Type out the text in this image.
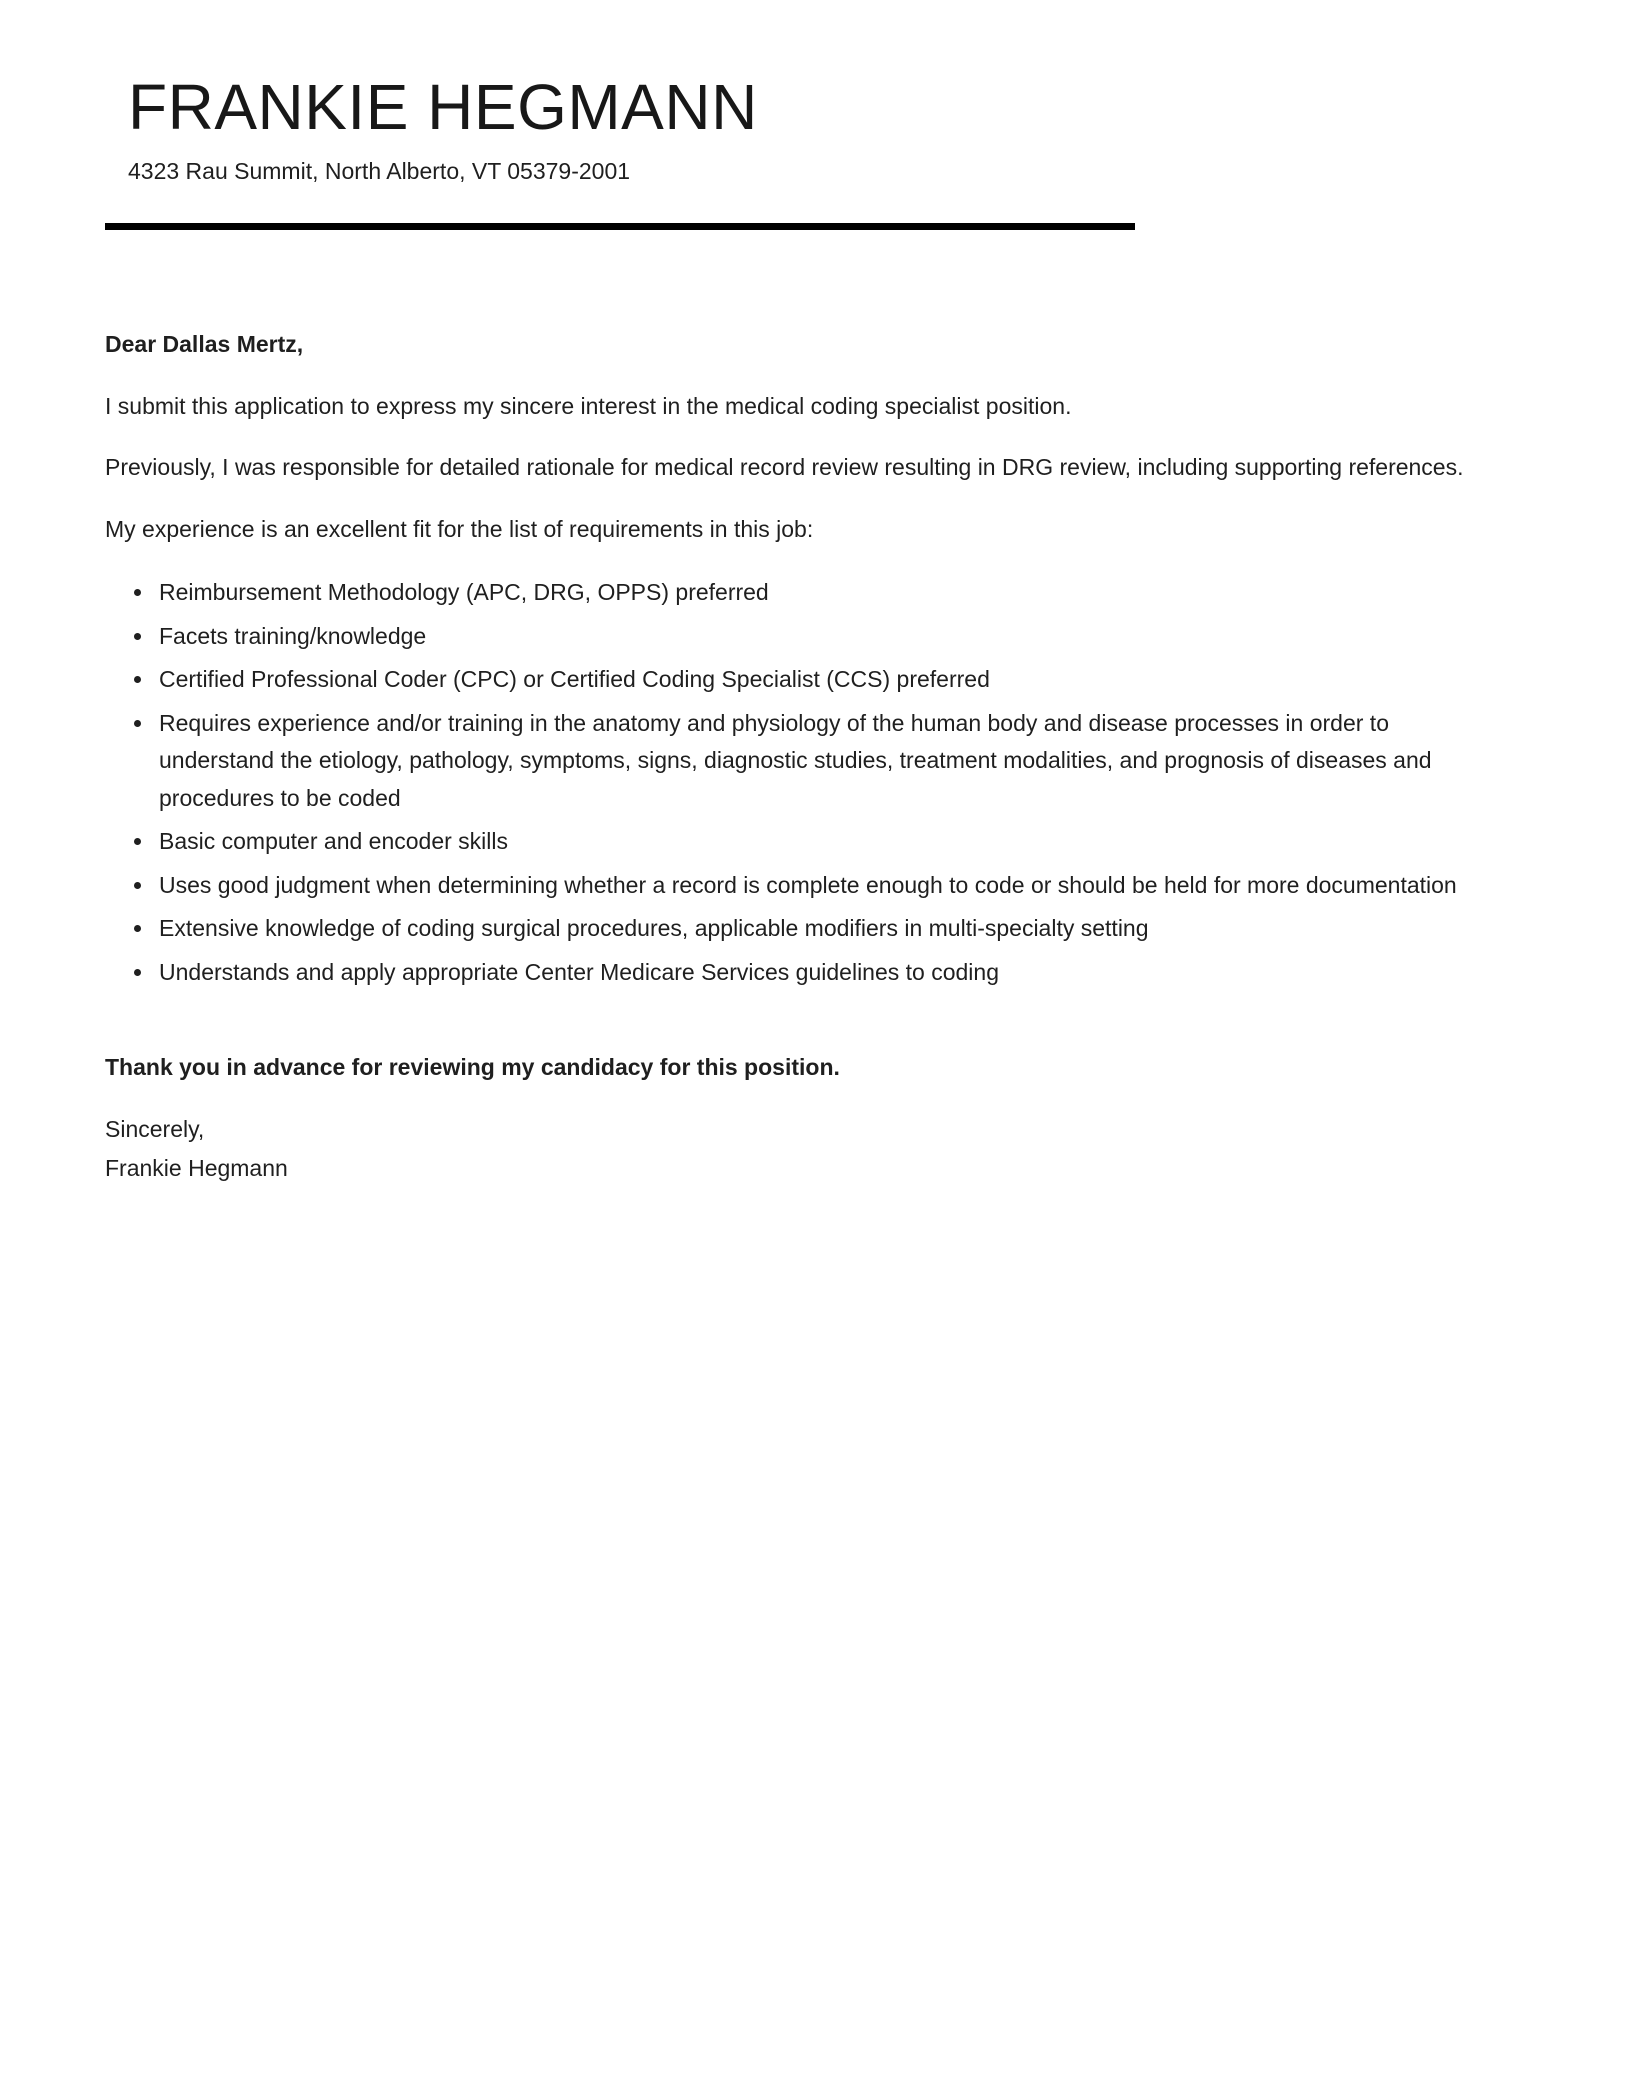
FRANKIE HEGMANN
4323 Rau Summit, North Alberto, VT 05379-2001

Dear Dallas Mertz,

I submit this application to express my sincere interest in the medical coding specialist position.

Previously, I was responsible for detailed rationale for medical record review resulting in DRG review, including supporting references.

My experience is an excellent fit for the list of requirements in this job:

• Reimbursement Methodology (APC, DRG, OPPS) preferred
• Facets training/knowledge
• Certified Professional Coder (CPC) or Certified Coding Specialist (CCS) preferred
• Requires experience and/or training in the anatomy and physiology of the human body and disease processes in order to understand the etiology, pathology, symptoms, signs, diagnostic studies, treatment modalities, and prognosis of diseases and procedures to be coded
• Basic computer and encoder skills
• Uses good judgment when determining whether a record is complete enough to code or should be held for more documentation
• Extensive knowledge of coding surgical procedures, applicable modifiers in multi-specialty setting
• Understands and apply appropriate Center Medicare Services guidelines to coding

Thank you in advance for reviewing my candidacy for this position.

Sincerely,

Frankie Hegmann
